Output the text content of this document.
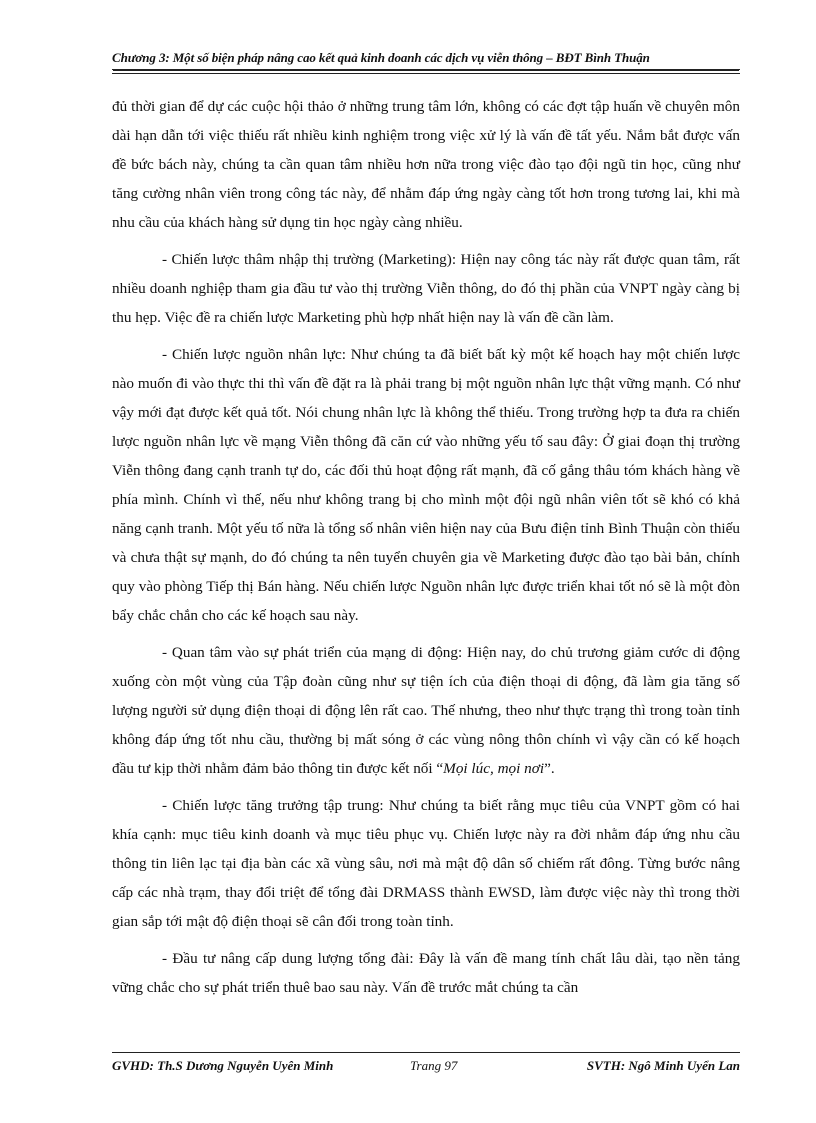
Chương 3: Một số biện pháp nâng cao kết quả kinh doanh các dịch vụ viễn thông – BĐT Bình Thuận

đủ thời gian để dự các cuộc hội thảo ở những trung tâm lớn, không có các đợt tập huấn về chuyên môn dài hạn dẫn tới việc thiếu rất nhiều kinh nghiệm trong việc xử lý là vấn đề tất yếu. Nắm bắt được vấn đề bức bách này, chúng ta cần quan tâm nhiều hơn nữa trong việc đào tạo đội ngũ tin học, cũng như tăng cường nhân viên trong công tác này, để nhằm đáp ứng ngày càng tốt hơn trong tương lai, khi mà nhu cầu của khách hàng sử dụng tin học ngày càng nhiều.

- Chiến lược thâm nhập thị trường (Marketing): Hiện nay công tác này rất được quan tâm, rất nhiều doanh nghiệp tham gia đầu tư vào thị trường Viễn thông, do đó thị phần của VNPT ngày càng bị thu hẹp. Việc đề ra chiến lược Marketing phù hợp nhất hiện nay là vấn đề cần làm.

- Chiến lược nguồn nhân lực: Như chúng ta đã biết bất kỳ một kế hoạch hay một chiến lược nào muốn đi vào thực thi thì vấn đề đặt ra là phải trang bị một nguồn nhân lực thật vững mạnh. Có như vậy mới đạt được kết quả tốt. Nói chung nhân lực là không thể thiếu. Trong trường hợp ta đưa ra chiến lược nguồn nhân lực về mạng Viễn thông đã căn cứ vào những yếu tố sau đây: Ở giai đoạn thị trường Viễn thông đang cạnh tranh tự do, các đối thủ hoạt động rất mạnh, đã cố gắng thâu tóm khách hàng về phía mình. Chính vì thế, nếu như không trang bị cho mình một đội ngũ nhân viên tốt sẽ khó có khả năng cạnh tranh. Một yếu tố nữa là tổng số nhân viên hiện nay của Bưu điện tỉnh Bình Thuận còn thiếu và chưa thật sự mạnh, do đó chúng ta nên tuyển chuyên gia về Marketing được đào tạo bài bản, chính quy vào phòng Tiếp thị Bán hàng. Nếu chiến lược Nguồn nhân lực được triển khai tốt nó sẽ là một đòn bẩy chắc chắn cho các kế hoạch sau này.

- Quan tâm vào sự phát triển của mạng di động: Hiện nay, do chủ trương giảm cước di động xuống còn một vùng của Tập đoàn cũng như sự tiện ích của điện thoại di động, đã làm gia tăng số lượng người sử dụng điện thoại di động lên rất cao. Thế nhưng, theo như thực trạng thì trong toàn tỉnh không đáp ứng tốt nhu cầu, thường bị mất sóng ở các vùng nông thôn chính vì vậy cần có kế hoạch đầu tư kịp thời nhằm đảm bảo thông tin được kết nối “Mọi lúc, mọi nơi”.

- Chiến lược tăng trưởng tập trung: Như chúng ta biết rằng mục tiêu của VNPT gồm có hai khía cạnh: mục tiêu kinh doanh và mục tiêu phục vụ. Chiến lược này ra đời nhằm đáp ứng nhu cầu thông tin liên lạc tại địa bàn các xã vùng sâu, nơi mà mật độ dân số chiếm rất đông. Từng bước nâng cấp các nhà trạm, thay đổi triệt để tổng đài DRMASS thành EWSD, làm được việc này thì trong thời gian sắp tới mật độ điện thoại sẽ cân đối trong toàn tỉnh.

- Đầu tư nâng cấp dung lượng tổng đài: Đây là vấn đề mang tính chất lâu dài, tạo nền tảng vững chắc cho sự phát triển thuê bao sau này. Vấn đề trước mắt chúng ta cần

GVHD: Th.S Dương Nguyễn Uyên Minh	Trang 97	SVTH: Ngô Minh Uyển Lan
